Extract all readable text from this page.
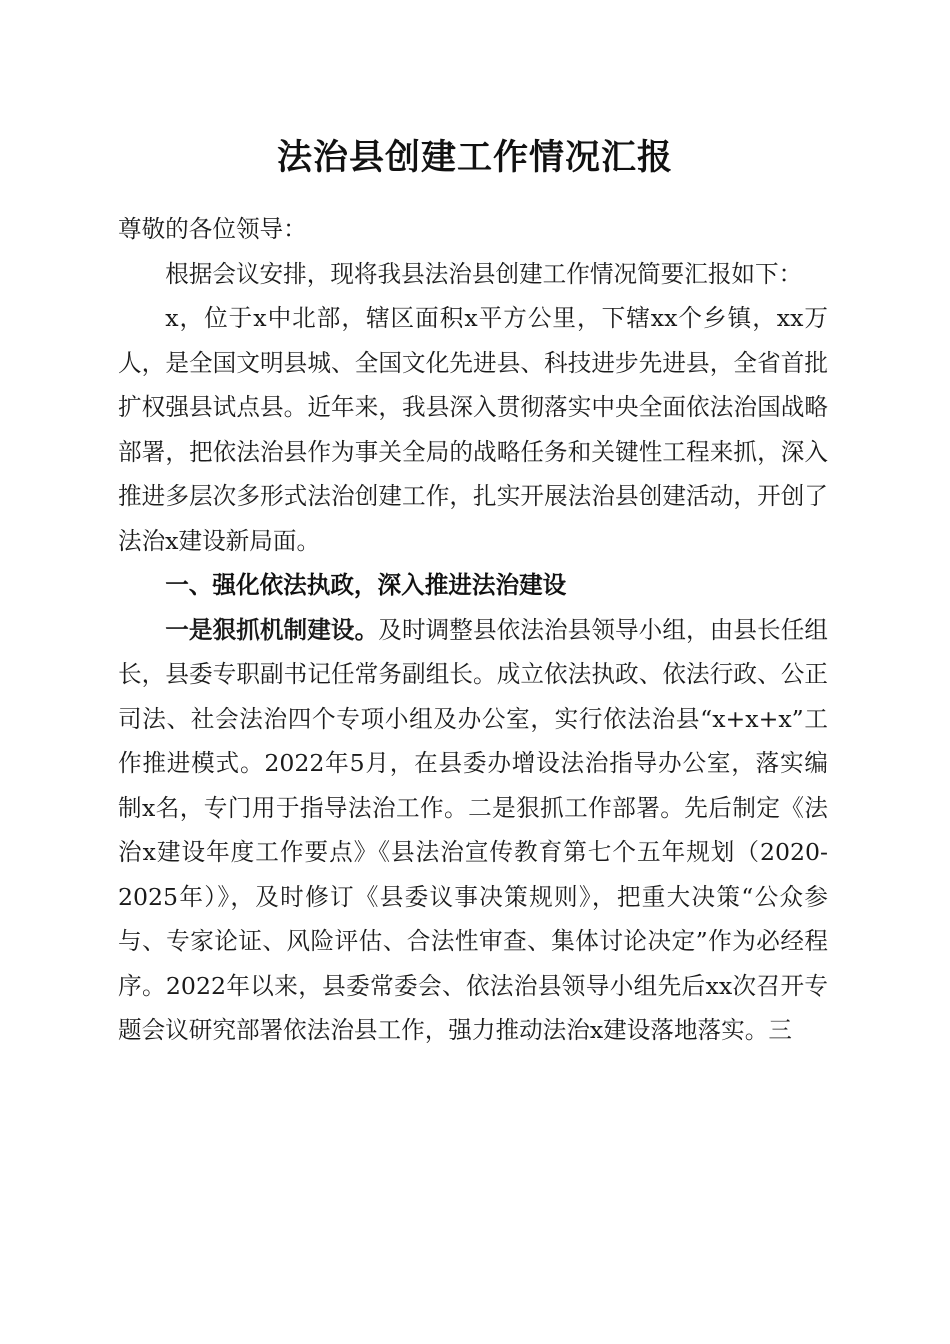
法治县创建工作情况汇报

尊敬的各位领导：

根据会议安排，现将我县法治县创建工作情况简要汇报如下：

x，位于x中北部，辖区面积x平方公里，下辖xx个乡镇，xx万人，是全国文明县城、全国文化先进县、科技进步先进县，全省首批扩权强县试点县。近年来，我县深入贯彻落实中央全面依法治国战略部署，把依法治县作为事关全局的战略任务和关键性工程来抓，深入推进多层次多形式法治创建工作，扎实开展法治县创建活动，开创了法治x建设新局面。

一、强化依法执政，深入推进法治建设

一是狠抓机制建设。及时调整县依法治县领导小组，由县长任组长，县委专职副书记任常务副组长。成立依法执政、依法行政、公正司法、社会法治四个专项小组及办公室，实行依法治县“x+x+x”工作推进模式。2022年5月，在县委办增设法治指导办公室，落实编制x名，专门用于指导法治工作。二是狠抓工作部署。先后制定《法治x建设年度工作要点》《县法治宣传教育第七个五年规划（2020-2025年）》，及时修订《县委议事决策规则》，把重大决策“公众参与、专家论证、风险评估、合法性审查、集体讨论决定”作为必经程序。2022年以来，县委常委会、依法治县领导小组先后xx次召开专题会议研究部署依法治县工作，强力推动法治x建设落地落实。三
